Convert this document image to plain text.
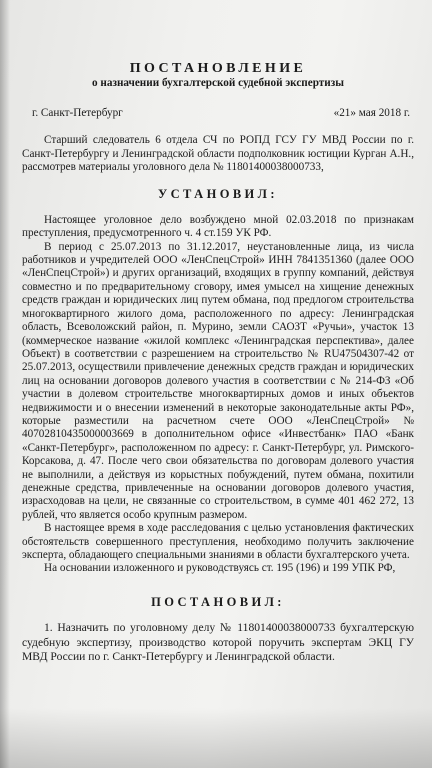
ПОСТАНОВЛЕНИЕ
о назначении бухгалтерской судебной экспертизы
г. Санкт-Петербург	«21» мая 2018 г.

Старший следователь 6 отдела СЧ по РОПД ГСУ ГУ МВД России по г. Санкт-Петербургу и Ленинградской области подполковник юстиции Курган А.Н., рассмотрев материалы уголовного дела № 11801400038000733,

УСТАНОВИЛ:

Настоящее уголовное дело возбуждено мной 02.03.2018 по признакам преступления, предусмотренного ч. 4 ст.159 УК РФ.

В период с 25.07.2013 по 31.12.2017, неустановленные лица, из числа работников и учредителей ООО «ЛенСпецСтрой» ИНН 7841351360 (далее ООО «ЛенСпецСтрой») и других организаций, входящих в группу компаний, действуя совместно и по предварительному сговору, имея умысел на хищение денежных средств граждан и юридических лиц путем обмана, под предлогом строительства многоквартирного жилого дома, расположенного по адресу: Ленинградская область, Всеволожский район, п. Мурино, земли САОЗТ «Ручьи», участок 13 (коммерческое название «жилой комплекс «Ленинградская перспектива», далее Объект) в соответствии с разрешением на строительство № RU47504307-42 от 25.07.2013, осуществили привлечение денежных средств граждан и юридических лиц на основании договоров долевого участия в соответствии с № 214-ФЗ «Об участии в долевом строительстве многоквартирных домов и иных объектов недвижимости и о внесении изменений в некоторые законодательные акты РФ», которые разместили на расчетном счете ООО «ЛенСпецСтрой» № 40702810435000003669 в дополнительном офисе «Инвестбанк» ПАО «Банк «Санкт-Петербург», расположенном по адресу: г. Санкт-Петербург, ул. Римского-Корсакова, д. 47. После чего свои обязательства по договорам долевого участия не выполнили, а действуя из корыстных побуждений, путем обмана, похитили денежные средства, привлеченные на основании договоров долевого участия, израсходовав на цели, не связанные со строительством, в сумме 401 462 272, 13 рублей, что является особо крупным размером.

В настоящее время в ходе расследования с целью установления фактических обстоятельств совершенного преступления, необходимо получить заключение эксперта, обладающего специальными знаниями в области бухгалтерского учета.

На основании изложенного и руководствуясь ст. 195 (196) и 199 УПК РФ,

ПОСТАНОВИЛ:

1. Назначить по уголовному делу № 11801400038000733 бухгалтерскую судебную экспертизу, производство которой поручить экспертам ЭКЦ ГУ МВД России по г. Санкт-Петербургу и Ленинградской области.
